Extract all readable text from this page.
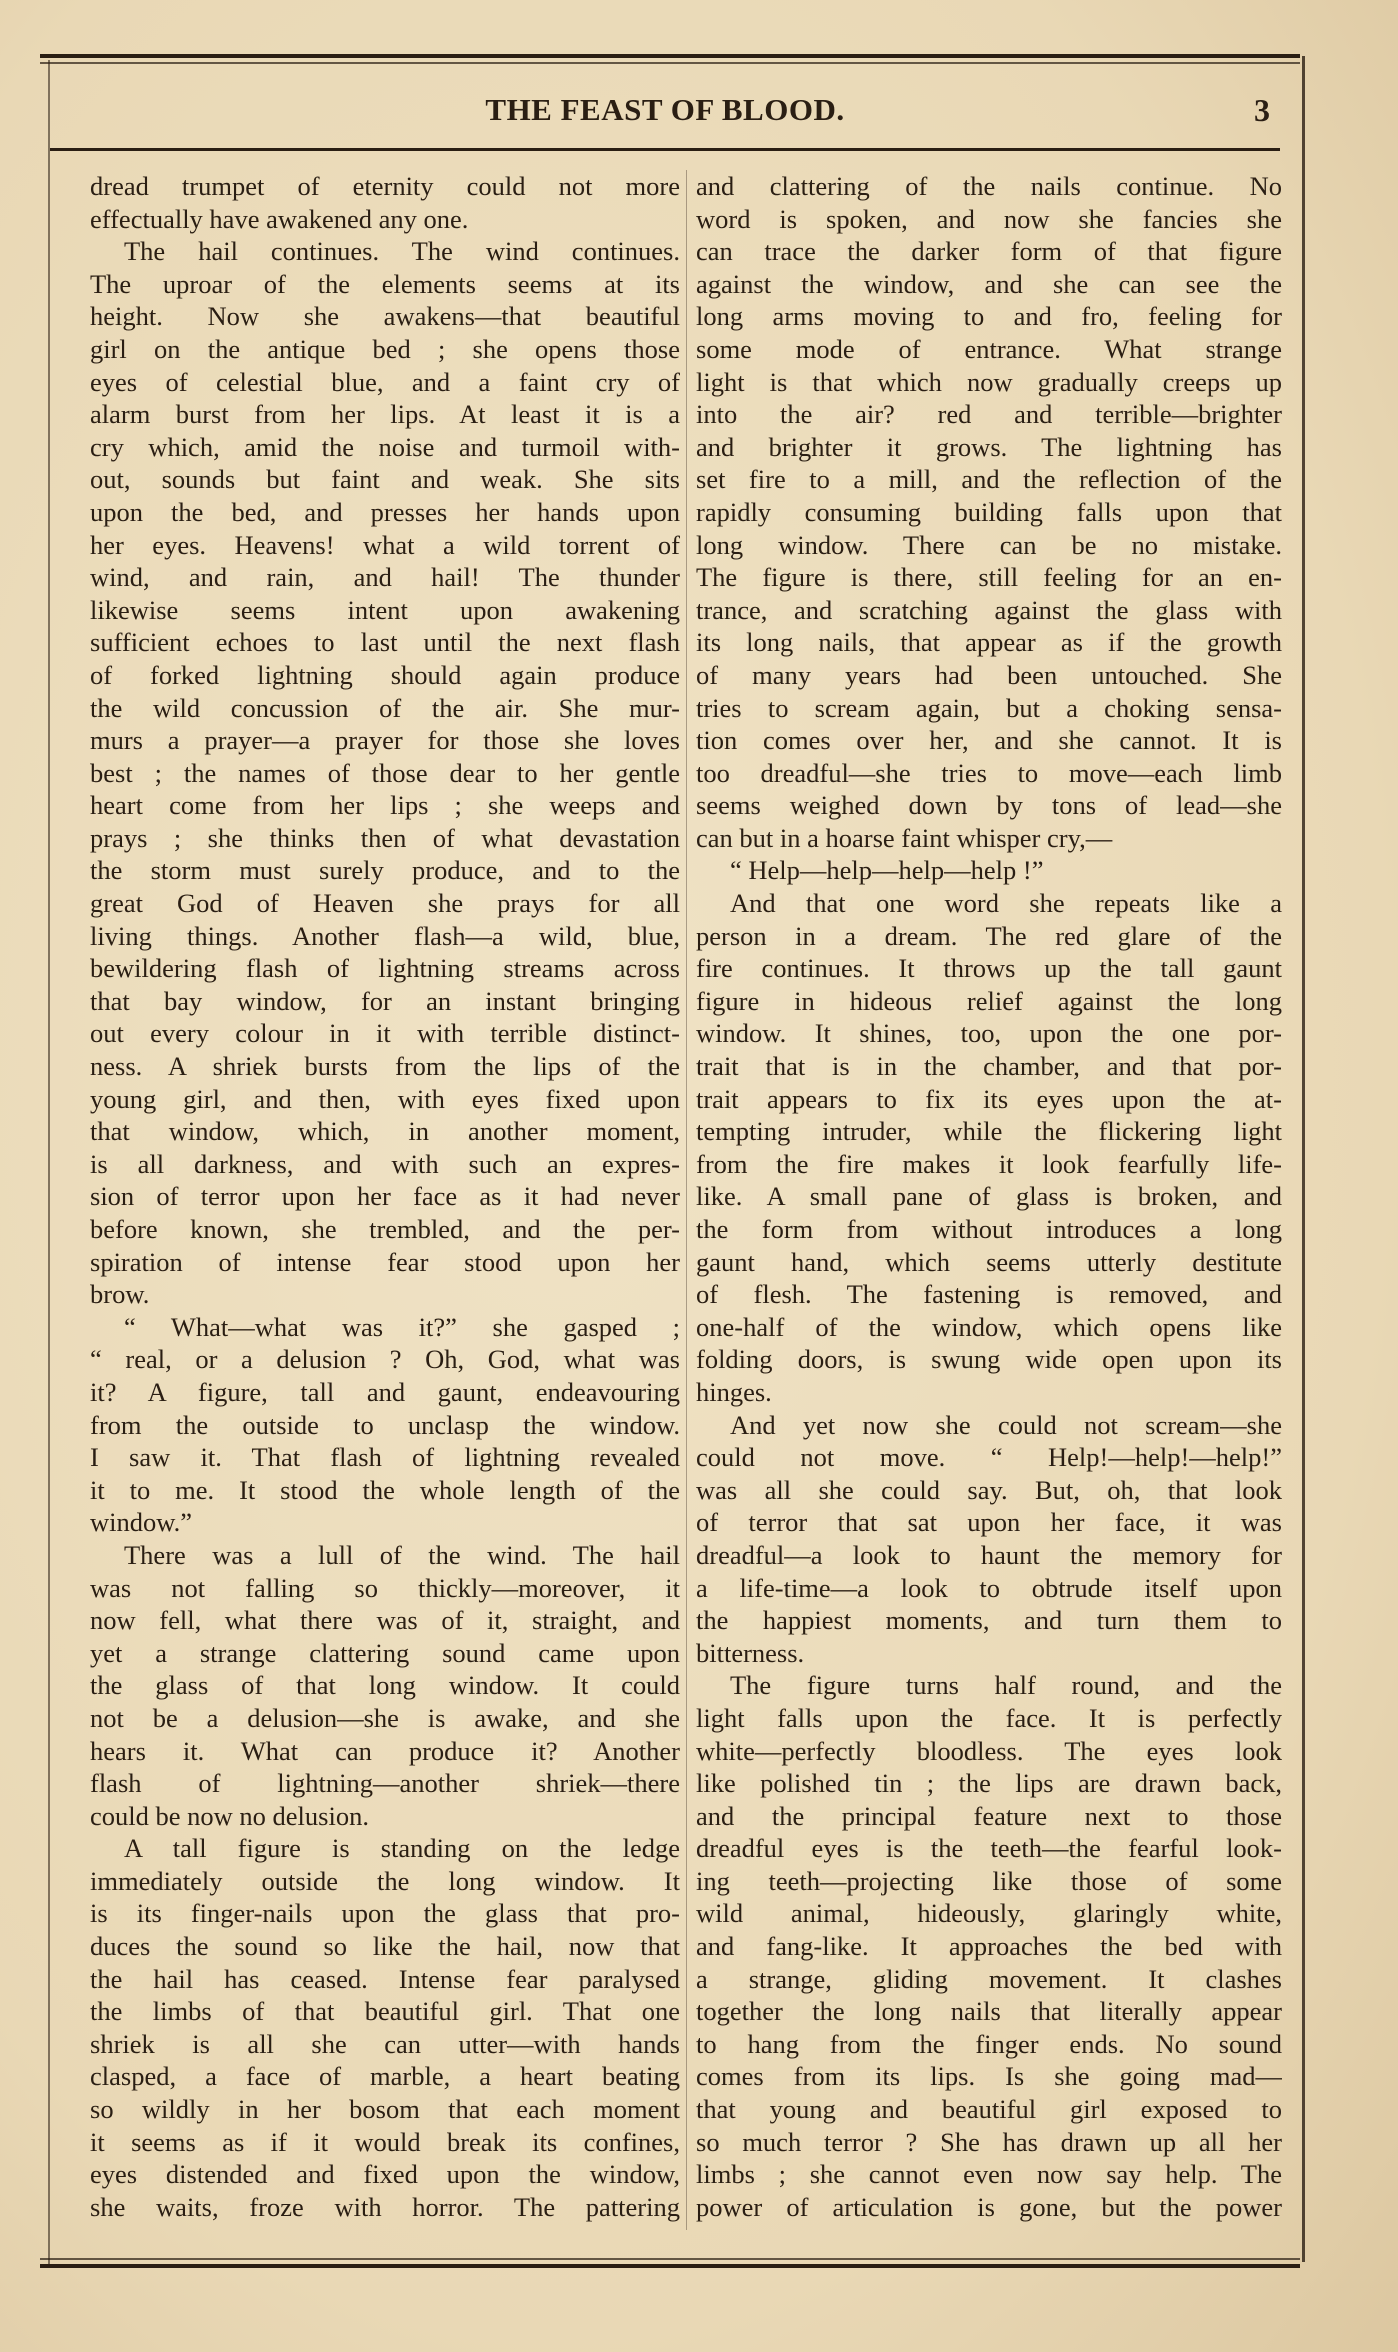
THE FEAST OF BLOOD.	3
dread trumpet of eternity could not more
effectually have awakened any one.
The hail continues. The wind continues.
The uproar of the elements seems at its
height. Now she awakens—that beautiful
girl on the antique bed ; she opens those
eyes of celestial blue, and a faint cry of
alarm burst from her lips. At least it is a
cry which, amid the noise and turmoil with-
out, sounds but faint and weak. She sits
upon the bed, and presses her hands upon
her eyes. Heavens! what a wild torrent of
wind, and rain, and hail! The thunder
likewise seems intent upon awakening
sufficient echoes to last until the next flash
of forked lightning should again produce
the wild concussion of the air. She mur-
murs a prayer—a prayer for those she loves
best ; the names of those dear to her gentle
heart come from her lips ; she weeps and
prays ; she thinks then of what devastation
the storm must surely produce, and to the
great God of Heaven she prays for all
living things. Another flash—a wild, blue,
bewildering flash of lightning streams across
that bay window, for an instant bringing
out every colour in it with terrible distinct-
ness. A shriek bursts from the lips of the
young girl, and then, with eyes fixed upon
that window, which, in another moment,
is all darkness, and with such an expres-
sion of terror upon her face as it had never
before known, she trembled, and the per-
spiration of intense fear stood upon her
brow.
“ What—what was it?” she gasped ;
“ real, or a delusion ? Oh, God, what was
it? A figure, tall and gaunt, endeavouring
from the outside to unclasp the window.
I saw it. That flash of lightning revealed
it to me. It stood the whole length of the
window.”
There was a lull of the wind. The hail
was not falling so thickly—moreover, it
now fell, what there was of it, straight, and
yet a strange clattering sound came upon
the glass of that long window. It could
not be a delusion—she is awake, and she
hears it. What can produce it? Another
flash of lightning—another shriek—there
could be now no delusion.
A tall figure is standing on the ledge
immediately outside the long window. It
is its finger-nails upon the glass that pro-
duces the sound so like the hail, now that
the hail has ceased. Intense fear paralysed
the limbs of that beautiful girl. That one
shriek is all she can utter—with hands
clasped, a face of marble, a heart beating
so wildly in her bosom that each moment
it seems as if it would break its confines,
eyes distended and fixed upon the window,
she waits, froze with horror. The pattering
and clattering of the nails continue. No
word is spoken, and now she fancies she
can trace the darker form of that figure
against the window, and she can see the
long arms moving to and fro, feeling for
some mode of entrance. What strange
light is that which now gradually creeps up
into the air? red and terrible—brighter
and brighter it grows. The lightning has
set fire to a mill, and the reflection of the
rapidly consuming building falls upon that
long window. There can be no mistake.
The figure is there, still feeling for an en-
trance, and scratching against the glass with
its long nails, that appear as if the growth
of many years had been untouched. She
tries to scream again, but a choking sensa-
tion comes over her, and she cannot. It is
too dreadful—she tries to move—each limb
seems weighed down by tons of lead—she
can but in a hoarse faint whisper cry,—
“ Help—help—help—help !”
And that one word she repeats like a
person in a dream. The red glare of the
fire continues. It throws up the tall gaunt
figure in hideous relief against the long
window. It shines, too, upon the one por-
trait that is in the chamber, and that por-
trait appears to fix its eyes upon the at-
tempting intruder, while the flickering light
from the fire makes it look fearfully life-
like. A small pane of glass is broken, and
the form from without introduces a long
gaunt hand, which seems utterly destitute
of flesh. The fastening is removed, and
one-half of the window, which opens like
folding doors, is swung wide open upon its
hinges.
And yet now she could not scream—she
could not move. “ Help!—help!—help!”
was all she could say. But, oh, that look
of terror that sat upon her face, it was
dreadful—a look to haunt the memory for
a life-time—a look to obtrude itself upon
the happiest moments, and turn them to
bitterness.
The figure turns half round, and the
light falls upon the face. It is perfectly
white—perfectly bloodless. The eyes look
like polished tin ; the lips are drawn back,
and the principal feature next to those
dreadful eyes is the teeth—the fearful look-
ing teeth—projecting like those of some
wild animal, hideously, glaringly white,
and fang-like. It approaches the bed with
a strange, gliding movement. It clashes
together the long nails that literally appear
to hang from the finger ends. No sound
comes from its lips. Is she going mad—
that young and beautiful girl exposed to
so much terror ? She has drawn up all her
limbs ; she cannot even now say help. The
power of articulation is gone, but the power
